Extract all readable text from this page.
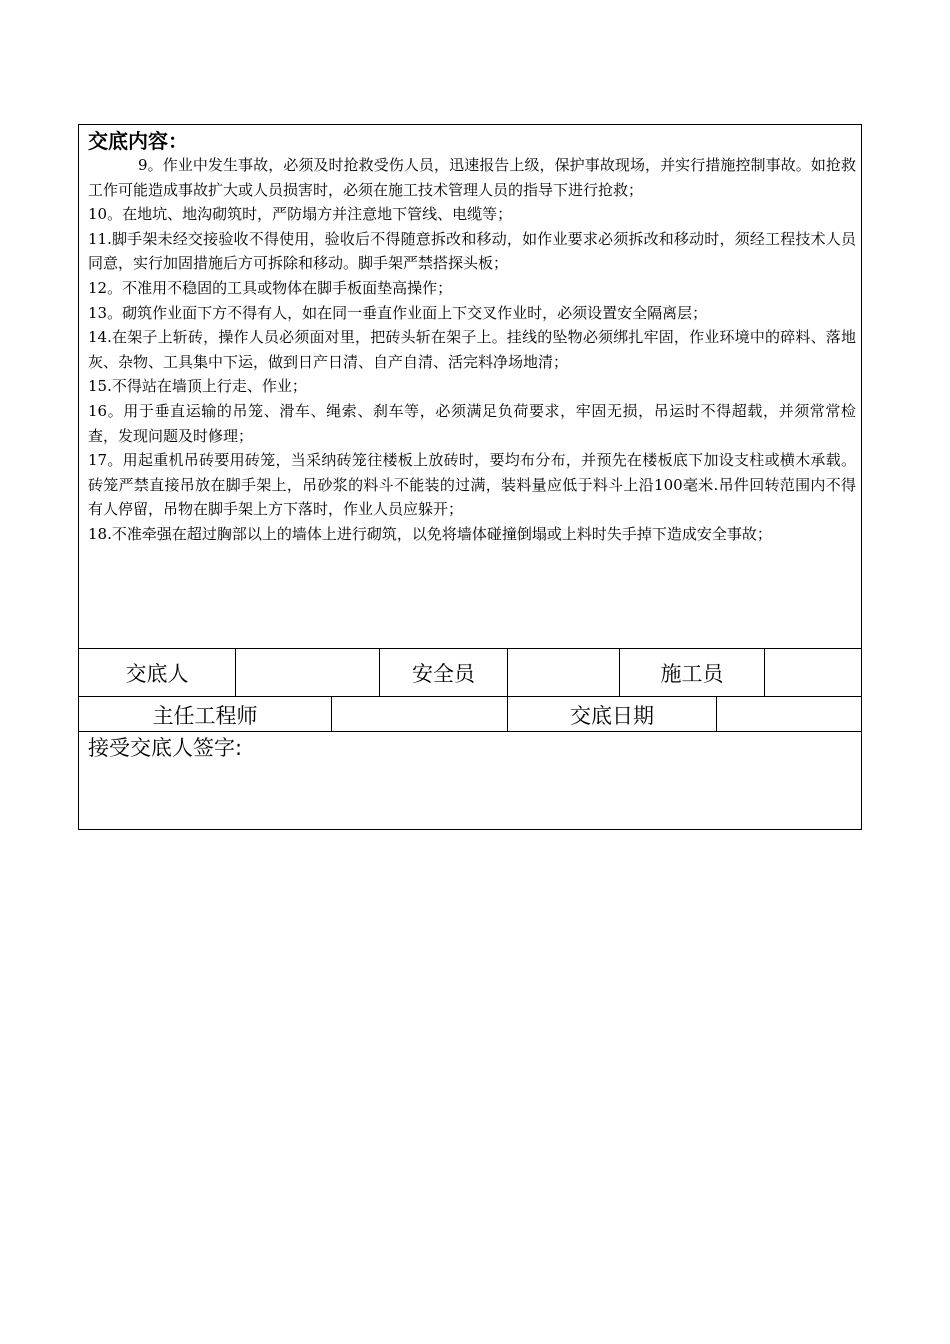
交底内容：

9。作业中发生事故，必须及时抢救受伤人员，迅速报告上级，保护事故现场，并实行措施控制事故。如抢救工作可能造成事故扩大或人员损害时，必须在施工技术管理人员的指导下进行抢救；

10。在地坑、地沟砌筑时，严防塌方并注意地下管线、电缆等；

11.脚手架未经交接验收不得使用，验收后不得随意拆改和移动，如作业要求必须拆改和移动时，须经工程技术人员同意，实行加固措施后方可拆除和移动。脚手架严禁搭探头板；

12。不准用不稳固的工具或物体在脚手板面垫高操作；

13。砌筑作业面下方不得有人，如在同一垂直作业面上下交叉作业时，必须设置安全隔离层；

14.在架子上斩砖，操作人员必须面对里，把砖头斩在架子上。挂线的坠物必须绑扎牢固，作业环境中的碎料、落地灰、杂物、工具集中下运，做到日产日清、自产自清、活完料净场地清；

15.不得站在墙顶上行走、作业；

16。用于垂直运输的吊笼、滑车、绳索、刹车等，必须满足负荷要求，牢固无损，吊运时不得超载，并须常常检查，发现问题及时修理；

17。用起重机吊砖要用砖笼，当采纳砖笼往楼板上放砖时，要均布分布，并预先在楼板底下加设支柱或横木承载。砖笼严禁直接吊放在脚手架上，吊砂浆的料斗不能装的过满，装料量应低于料斗上沿100毫米.吊件回转范围内不得有人停留，吊物在脚手架上方下落时，作业人员应躲开；

18.不准牵强在超过胸部以上的墙体上进行砌筑，以免将墙体碰撞倒塌或上料时失手掉下造成安全事故；

交底人	安全员	施工员
主任工程师	交底日期
接受交底人签字:
